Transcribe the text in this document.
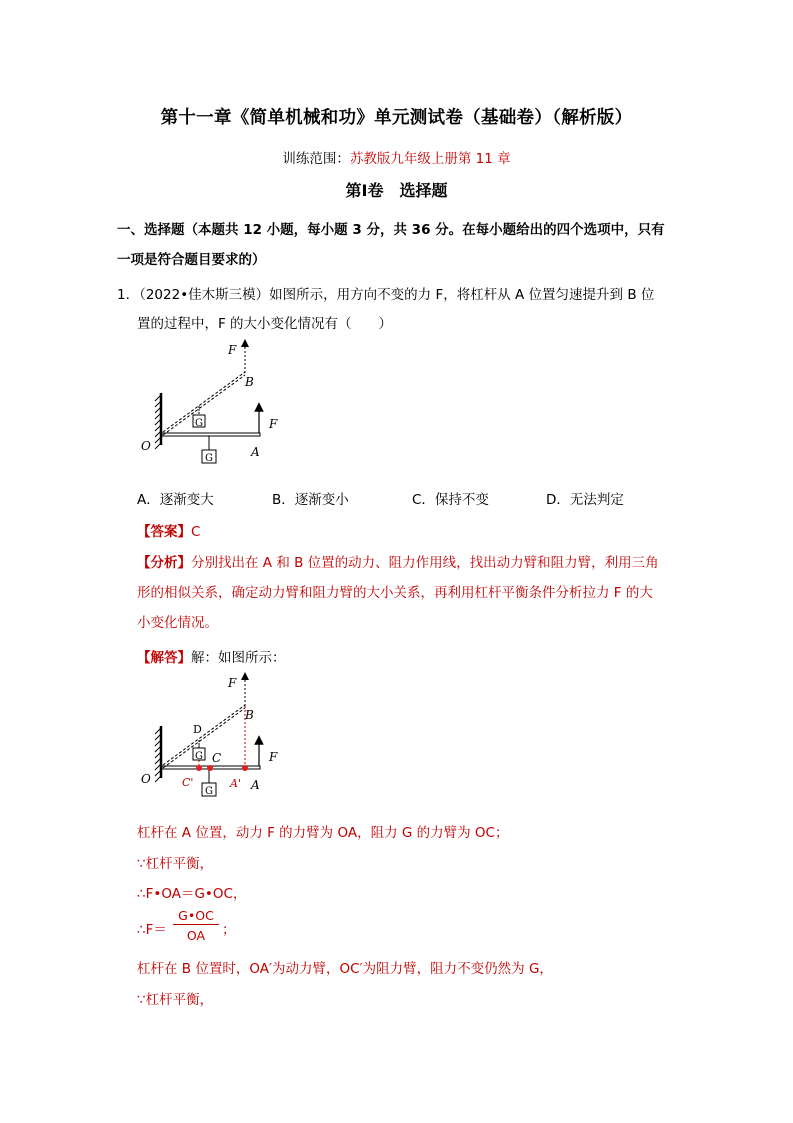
第十一章《简单机械和功》单元测试卷（基础卷）（解析版）
训练范围：苏教版九年级上册第 11 章
第Ⅰ卷 选择题
一、选择题（本题共 12 小题，每小题 3 分，共 36 分。在每小题给出的四个选项中，只有
一项是符合题目要求的）
1．（2022•佳木斯三模）如图所示，用方向不变的力 F，将杠杆从 A 位置匀速提升到 B 位
置的过程中，F 的大小变化情况有（　　）
F
B
G	F
O
G	A
A．逐渐变大	B．逐渐变小	C．保持不变	D．无法判定
【答案】C
【分析】分别找出在 A 和 B 位置的动力、阻力作用线，找出动力臂和阻力臂，利用三角
形的相似关系，确定动力臂和阻力臂的大小关系，再利用杠杆平衡条件分析拉力 F 的大
小变化情况。
【解答】解：如图所示：
F
B
D
G C	F
O	C'	A' A
G
杠杆在 A 位置，动力 F 的力臂为 OA，阻力 G 的力臂为 OC；
∵杠杆平衡，
∴F•OA＝G•OC，
∴F＝
G•OC
OA	；
杠杆在 B 位置时，OA′为动力臂，OC′为阻力臂，阻力不变仍然为 G，
∵杠杆平衡，
